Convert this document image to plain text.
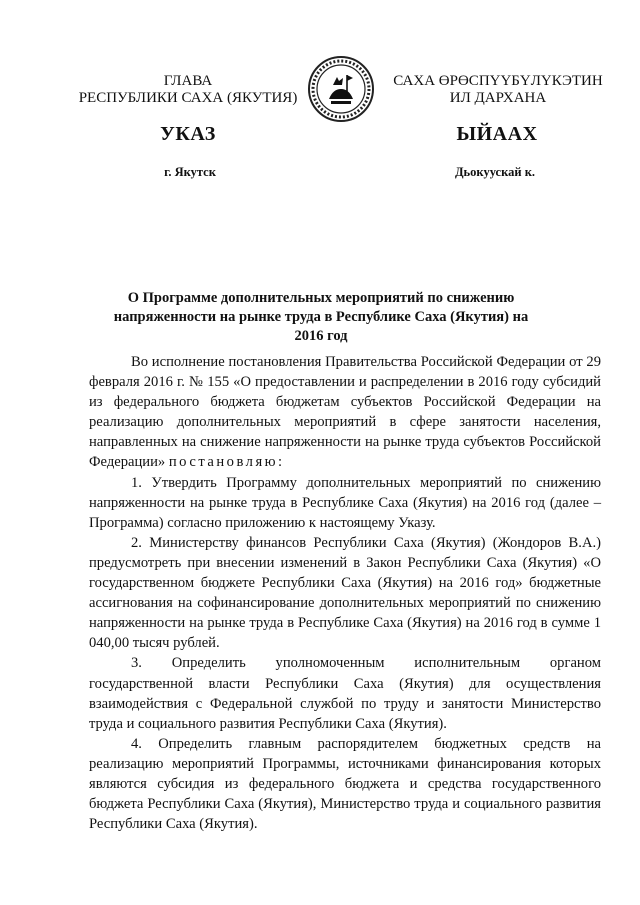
ГЛАВА
РЕСПУБЛИКИ САХА (ЯКУТИЯ)
САХА ӨРӨСПҮҮБҮЛҮКЭТИН
ИЛ ДАРХАНА
УКАЗ	ЫЙААХ
г. Якутск	Дьокуускай к.
О Программе дополнительных мероприятий по снижению
напряженности на рынке труда в Республике Саха (Якутия) на 2016 год

Во исполнение постановления Правительства Российской Федерации от 29 февраля 2016 г. № 155 «О предоставлении и распределении в 2016 году субсидий из федерального бюджета бюджетам субъектов Российской Федерации на реализацию дополнительных мероприятий в сфере занятости населения, направленных на снижение напряженности на рынке труда субъектов Российской Федерации» постановляю:

1. Утвердить Программу дополнительных мероприятий по снижению напряженности на рынке труда в Республике Саха (Якутия) на 2016 год (далее – Программа) согласно приложению к настоящему Указу.

2. Министерству финансов Республики Саха (Якутия) (Жондоров В.А.) предусмотреть при внесении изменений в Закон Республики Саха (Якутия) «О государственном бюджете Республики Саха (Якутия) на 2016 год» бюджетные ассигнования на софинансирование дополнительных мероприятий по снижению напряженности на рынке труда в Республике Саха (Якутия) на 2016 год в сумме 1 040,00 тысяч рублей.

3. Определить уполномоченным исполнительным органом государственной власти Республики Саха (Якутия) для осуществления взаимодействия с Федеральной службой по труду и занятости Министерство труда и социального развития Республики Саха (Якутия).

4. Определить главным распорядителем бюджетных средств на реализацию мероприятий Программы, источниками финансирования которых являются субсидия из федерального бюджета и средства государственного бюджета Республики Саха (Якутия), Министерство труда и социального развития Республики Саха (Якутия).
